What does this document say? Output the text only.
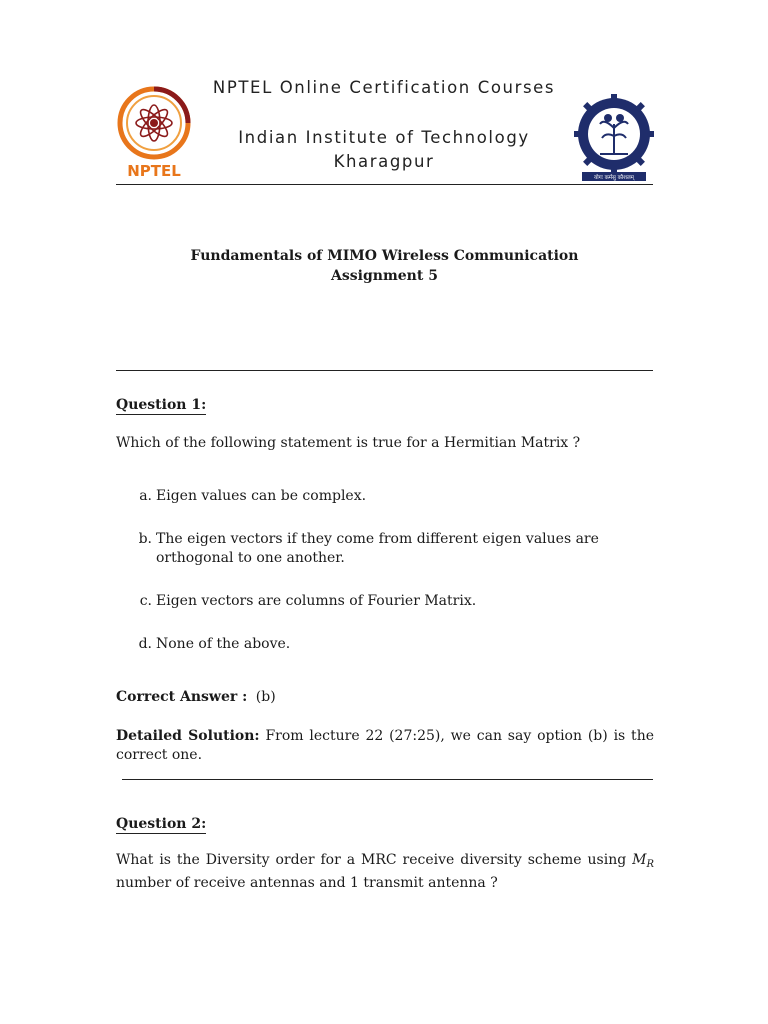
NPTEL
NPTEL Online Certification Courses
Indian Institute of Technology
Kharagpur
योगः कर्मसु कौशलम्
Fundamentals of MIMO Wireless Communication
Assignment 5
Question 1:
Which of the following statement is true for a Hermitian Matrix ?
a. Eigen values can be complex.
b. The eigen vectors if they come from different eigen values are orthogonal to one another.
c. Eigen vectors are columns of Fourier Matrix.
d. None of the above.
Correct Answer : (b)
Detailed Solution: From lecture 22 (27:25), we can say option (b) is the correct one.
Question 2:
What is the Diversity order for a MRC receive diversity scheme using $M_R$ number of receive antennas and 1 transmit antenna ?
